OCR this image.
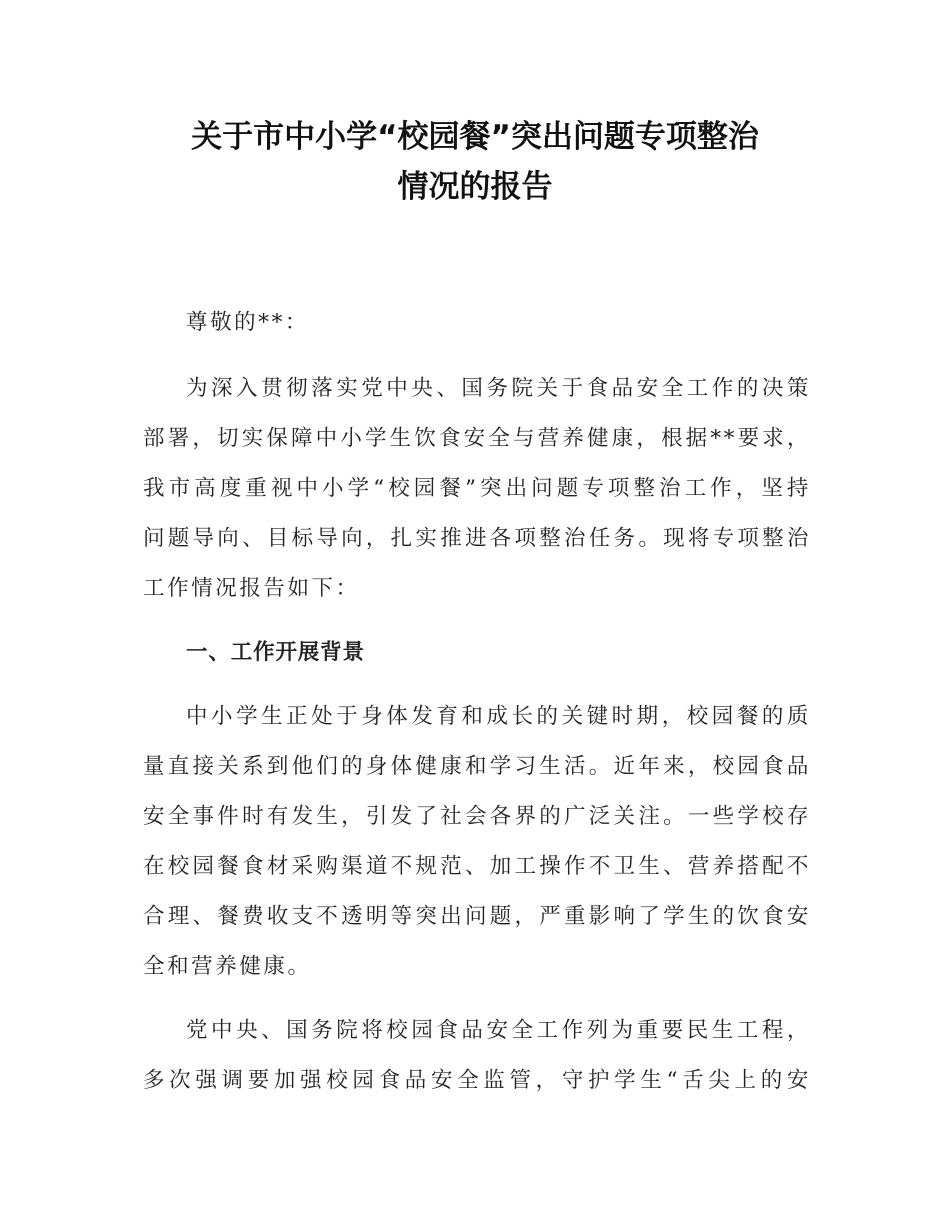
关于市中小学“校园餐”突出问题专项整治
情况的报告

尊敬的**：

为深入贯彻落实党中央、国务院关于食品安全工作的决策
部署，切实保障中小学生饮食安全与营养健康，根据**要求，
我市高度重视中小学“校园餐”突出问题专项整治工作，坚持
问题导向、目标导向，扎实推进各项整治任务。现将专项整治
工作情况报告如下：

一、工作开展背景

中小学生正处于身体发育和成长的关键时期，校园餐的质
量直接关系到他们的身体健康和学习生活。近年来，校园食品
安全事件时有发生，引发了社会各界的广泛关注。一些学校存
在校园餐食材采购渠道不规范、加工操作不卫生、营养搭配不
合理、餐费收支不透明等突出问题，严重影响了学生的饮食安
全和营养健康。

党中央、国务院将校园食品安全工作列为重要民生工程，
多次强调要加强校园食品安全监管，守护学生“舌尖上的安
